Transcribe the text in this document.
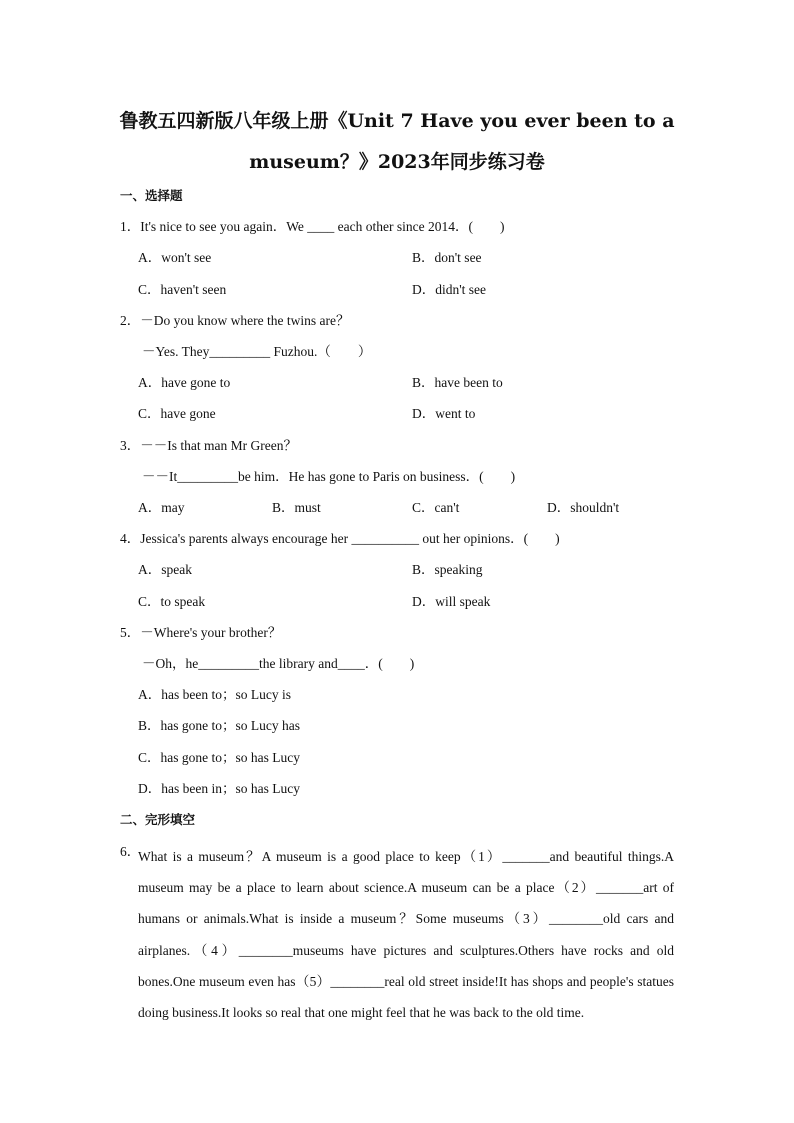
鲁教五四新版八年级上册《Unit 7 Have you ever been to a
museum？》2023年同步练习卷
一、选择题
1．It's nice to see you again．We ____ each other since 2014．(　　)
A．won't see	B．don't see
C．haven't seen	D．didn't see
2．－Do you know where the twins are？
－Yes. They_________ Fuzhou.（　　）
A．have gone to	B．have been to
C．have gone	D．went to
3．－－Is that man Mr Green？
－－It_________be him．He has gone to Paris on business．(　　)
A．may	B．must	C．can't	D．shouldn't
4．Jessica's parents always encourage her __________ out her opinions．(　　)
A．speak	B．speaking
C．to speak	D．will speak
5．－Where's your brother？
－Oh，he_________the library and____．(　　)
A．has been to；so Lucy is
B．has gone to；so Lucy has
C．has gone to；so has Lucy
D．has been in；so has Lucy
二、完形填空
6．
What is a museum？A museum is a good place to keep（1）_______and beautiful things.A museum may be a place to learn about science.A museum can be a place（2）_______art of humans or animals.What is inside a museum？Some museums（3）________old cars and airplanes.（4）________museums have pictures and sculptures.Others have rocks and old bones.One museum even has（5）________real old street inside!It has shops and people's statues doing business.It looks so real that one might feel that he was back to the old time.
